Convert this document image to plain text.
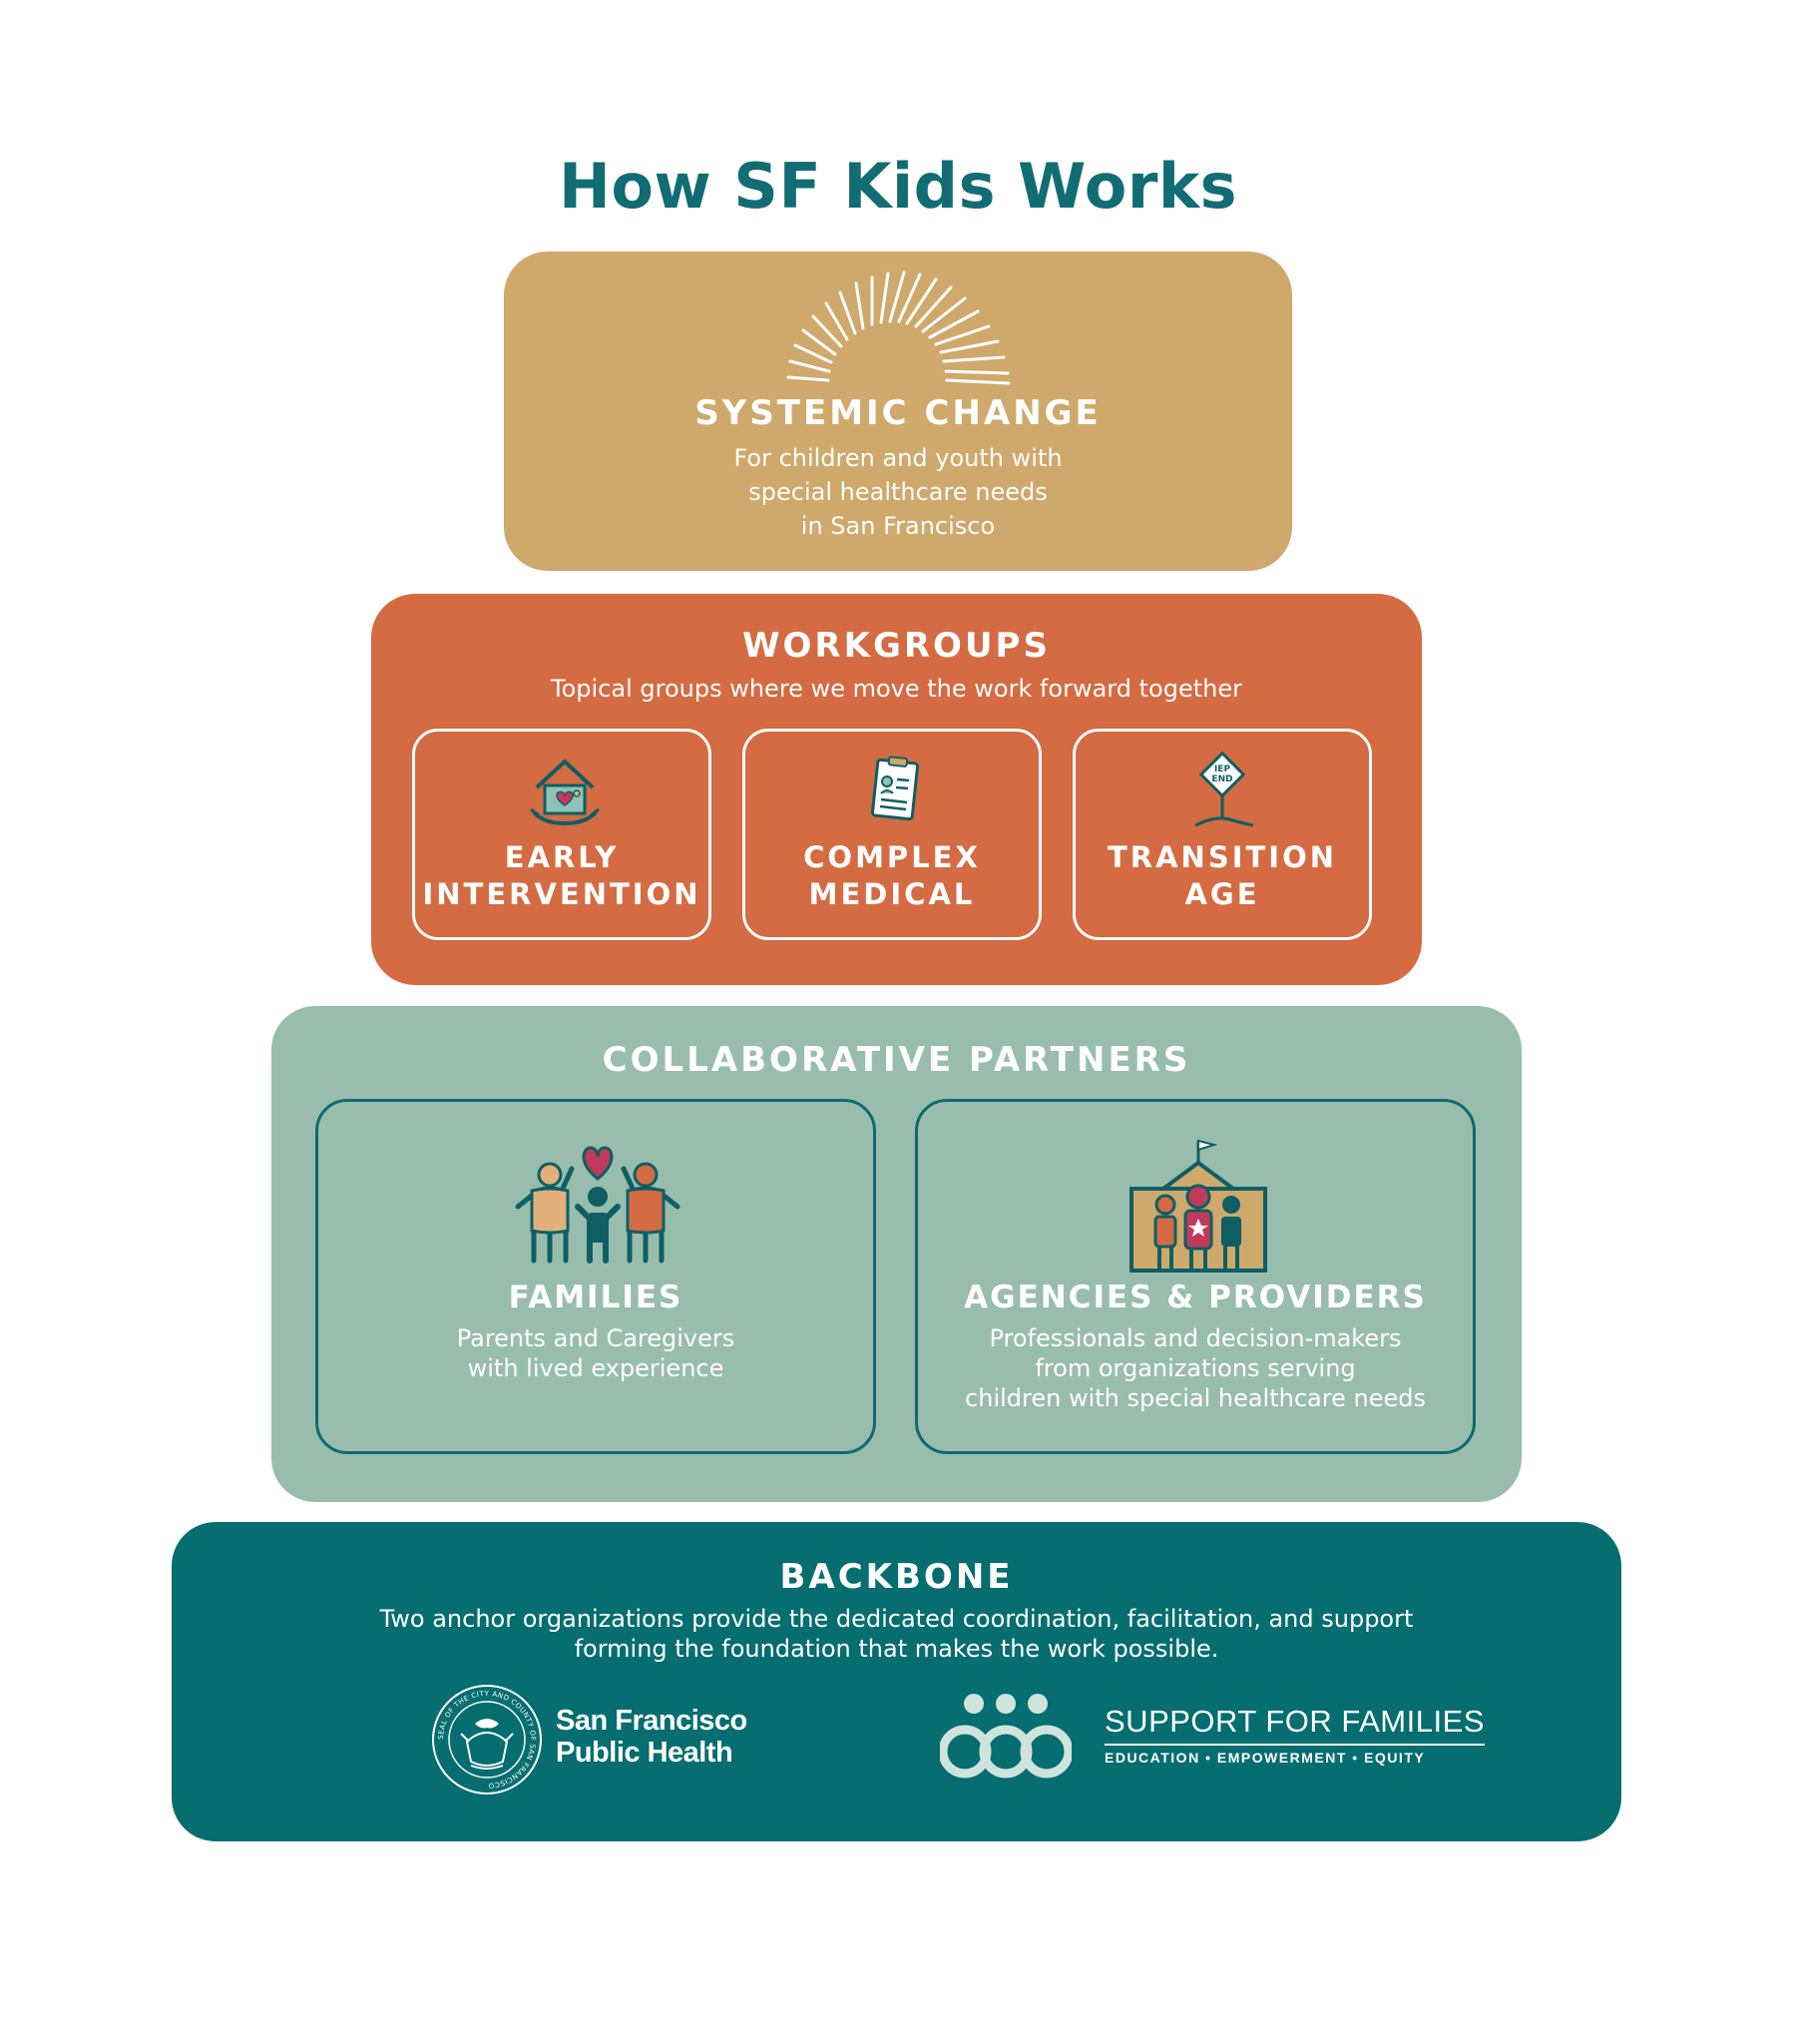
How SF Kids Works
SYSTEMIC CHANGE
For children and youth with
special healthcare needs
in San Francisco
WORKGROUPS
Topical groups where we move the work forward together
EARLY
INTERVENTION
COMPLEX
MEDICAL
IEP
END
TRANSITION
AGE
COLLABORATIVE PARTNERS
FAMILIES
Parents and Caregivers
with lived experience
AGENCIES & PROVIDERS
Professionals and decision-makers
from organizations serving
children with special healthcare needs
BACKBONE
Two anchor organizations provide the dedicated coordination, facilitation, and support
forming the foundation that makes the work possible.
SEAL OF THE CITY AND COUNTY OF SAN FRANCISCO
San Francisco
Public Health
SUPPORT FOR FAMILIES
EDUCATION • EMPOWERMENT • EQUITY
